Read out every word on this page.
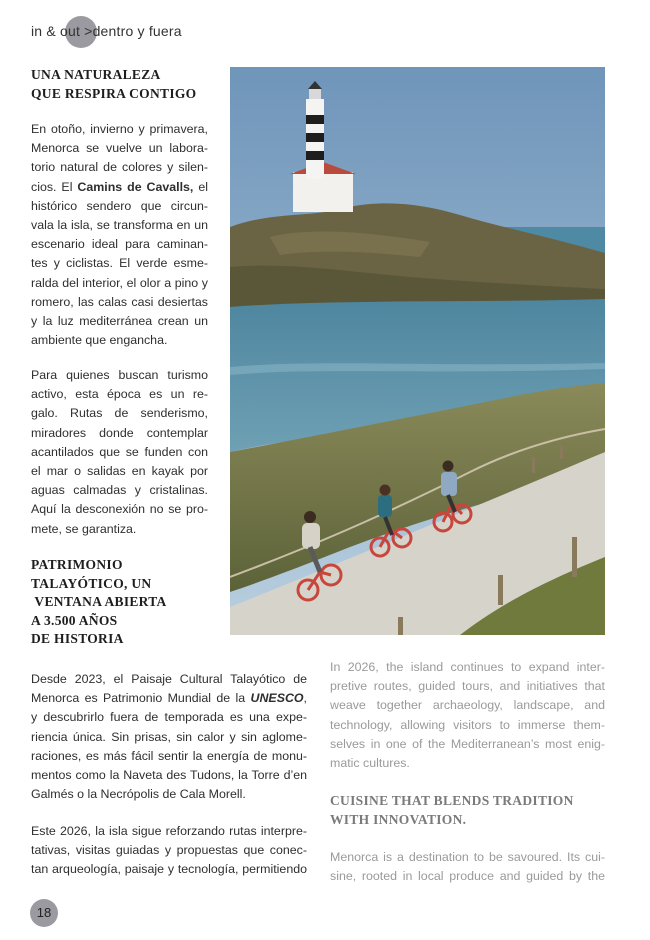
in & out >dentro y fuera
UNA NATURALEZA
QUE RESPIRA CONTIGO
En otoño, invierno y primavera,
Menorca se vuelve un labora-
torio natural de colores y silen-
cios. El Camins de Cavalls, el
histórico sendero que circun-
vala la isla, se transforma en un
escenario ideal para caminan-
tes y ciclistas. El verde esme-
ralda del interior, el olor a pino y
romero, las calas casi desiertas
y la luz mediterránea crean un
ambiente que engancha.
Para quienes buscan turismo
activo, esta época es un re-
galo. Rutas de senderismo,
miradores donde contemplar
acantilados que se funden con
el mar o salidas en kayak por
aguas calmadas y cristalinas.
Aquí la desconexión no se pro-
mete, se garantiza.
PATRIMONIO
TALAYÓTICO, UN
VENTANA ABIERTA
A 3.500 AÑOS
DE HISTORIA
Desde 2023, el Paisaje Cultural Talayótico de
Menorca es Patrimonio Mundial de la UNESCO,
y descubrirlo fuera de temporada es una expe-
riencia única. Sin prisas, sin calor y sin aglome-
raciones, es más fácil sentir la energía de monu-
mentos como la Naveta des Tudons, la Torre d’en
Galmés o la Necrópolis de Cala Morell.
Este 2026, la isla sigue reforzando rutas interpre-
tativas, visitas guiadas y propuestas que conec-
tan arqueología, paisaje y tecnología, permitiendo
In 2026, the island continues to expand inter-
pretive routes, guided tours, and initiatives that
weave together archaeology, landscape, and
technology, allowing visitors to immerse them-
selves in one of the Mediterranean’s most enig-
matic cultures.
CUISINE THAT BLENDS TRADITION
WITH INNOVATION.
Menorca is a destination to be savoured. Its cui-
sine, rooted in local produce and guided by the
18
